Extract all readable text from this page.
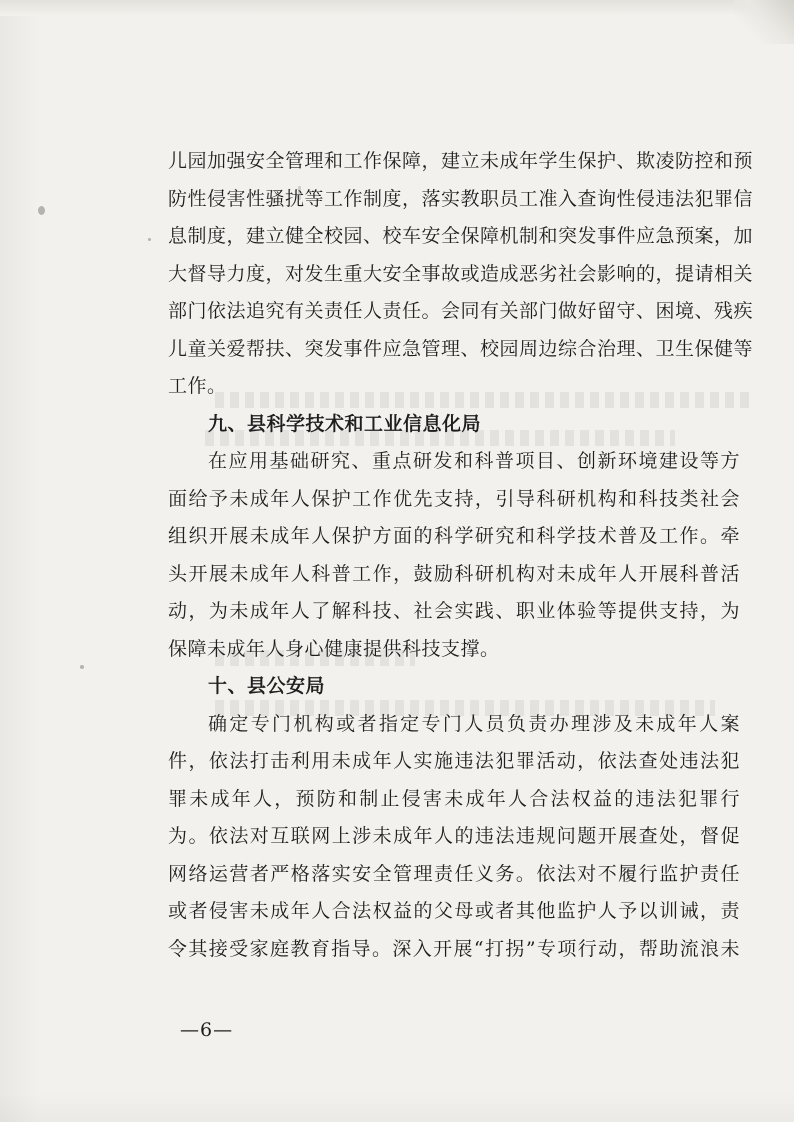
儿园加强安全管理和工作保障，建立未成年学生保护、欺凌防控和预
防性侵害性骚扰等工作制度，落实教职员工准入查询性侵违法犯罪信
息制度，建立健全校园、校车安全保障机制和突发事件应急预案，加
大督导力度，对发生重大安全事故或造成恶劣社会影响的，提请相关
部门依法追究有关责任人责任。会同有关部门做好留守、困境、残疾
儿童关爱帮扶、突发事件应急管理、校园周边综合治理、卫生保健等
工作。
九、县科学技术和工业信息化局
在应用基础研究、重点研发和科普项目、创新环境建设等方
面给予未成年人保护工作优先支持，引导科研机构和科技类社会
组织开展未成年人保护方面的科学研究和科学技术普及工作。牵
头开展未成年人科普工作，鼓励科研机构对未成年人开展科普活
动，为未成年人了解科技、社会实践、职业体验等提供支持，为
保障未成年人身心健康提供科技支撑。
十、县公安局
确定专门机构或者指定专门人员负责办理涉及未成年人案
件，依法打击利用未成年人实施违法犯罪活动，依法查处违法犯
罪未成年人，预防和制止侵害未成年人合法权益的违法犯罪行
为。依法对互联网上涉未成年人的违法违规问题开展查处，督促
网络运营者严格落实安全管理责任义务。依法对不履行监护责任
或者侵害未成年人合法权益的父母或者其他监护人予以训诫，责
令其接受家庭教育指导。深入开展“打拐”专项行动，帮助流浪未
—6—
